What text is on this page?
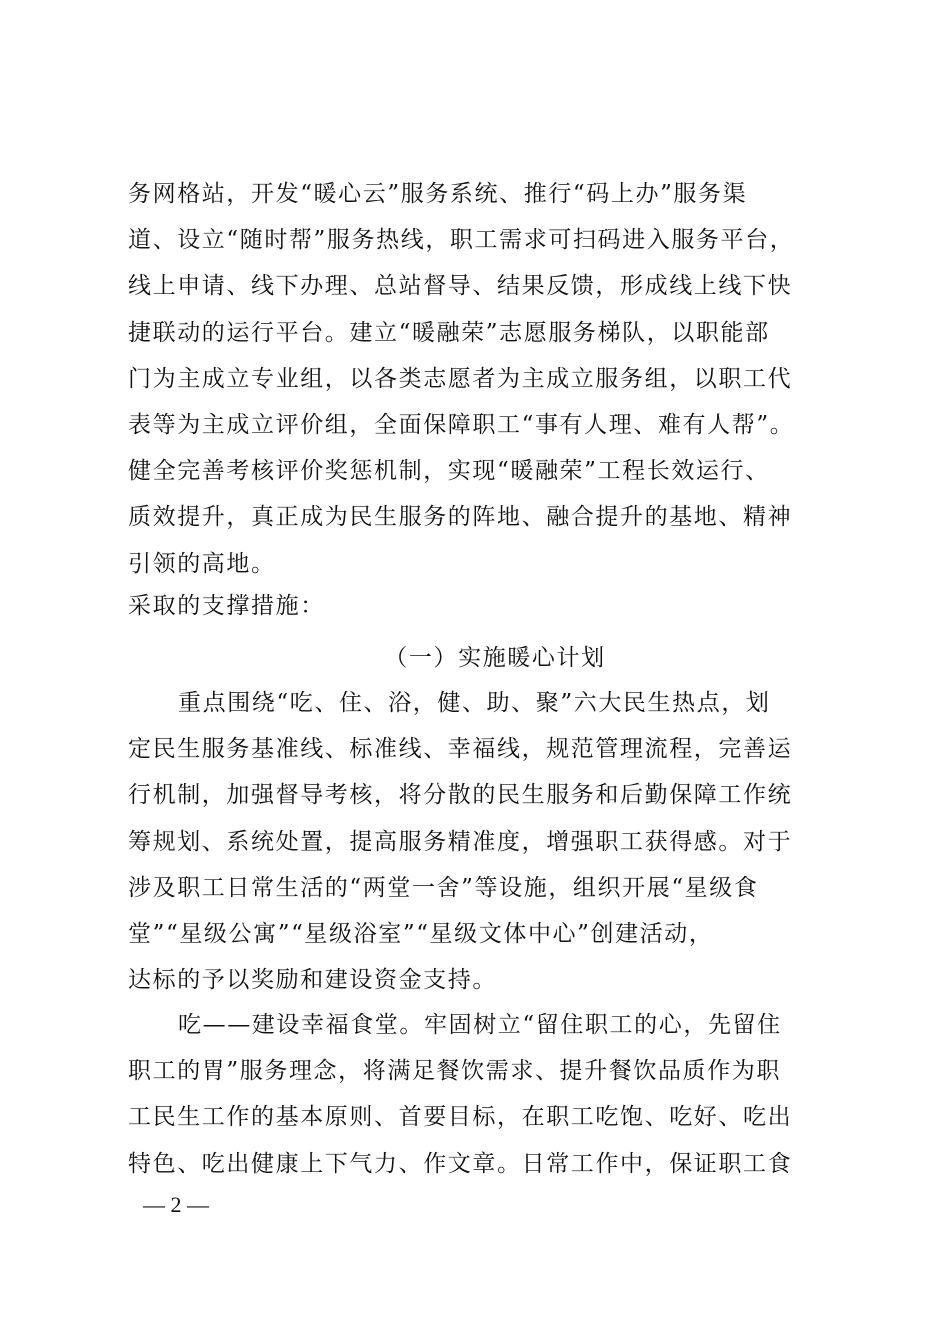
务网格站，开发“暖心云”服务系统、推行“码上办”服务渠
道、设立“随时帮”服务热线，职工需求可扫码进入服务平台，
线上申请、线下办理、总站督导、结果反馈，形成线上线下快
捷联动的运行平台。建立“暖融荣”志愿服务梯队，以职能部
门为主成立专业组，以各类志愿者为主成立服务组，以职工代
表等为主成立评价组，全面保障职工“事有人理、难有人帮”。
健全完善考核评价奖惩机制，实现“暖融荣”工程长效运行、
质效提升，真正成为民生服务的阵地、融合提升的基地、精神
引领的高地。
采取的支撑措施：
（一）实施暖心计划
重点围绕“吃、住、浴，健、助、聚”六大民生热点，划
定民生服务基准线、标准线、幸福线，规范管理流程，完善运
行机制，加强督导考核，将分散的民生服务和后勤保障工作统
筹规划、系统处置，提高服务精准度，增强职工获得感。对于
涉及职工日常生活的“两堂一舍”等设施，组织开展“星级食
堂”“星级公寓”“星级浴室”“星级文体中心”创建活动，
达标的予以奖励和建设资金支持。
吃——建设幸福食堂。牢固树立“留住职工的心，先留住
职工的胃”服务理念，将满足餐饮需求、提升餐饮品质作为职
工民生工作的基本原则、首要目标，在职工吃饱、吃好、吃出
特色、吃出健康上下气力、作文章。日常工作中，保证职工食
— 2 —
